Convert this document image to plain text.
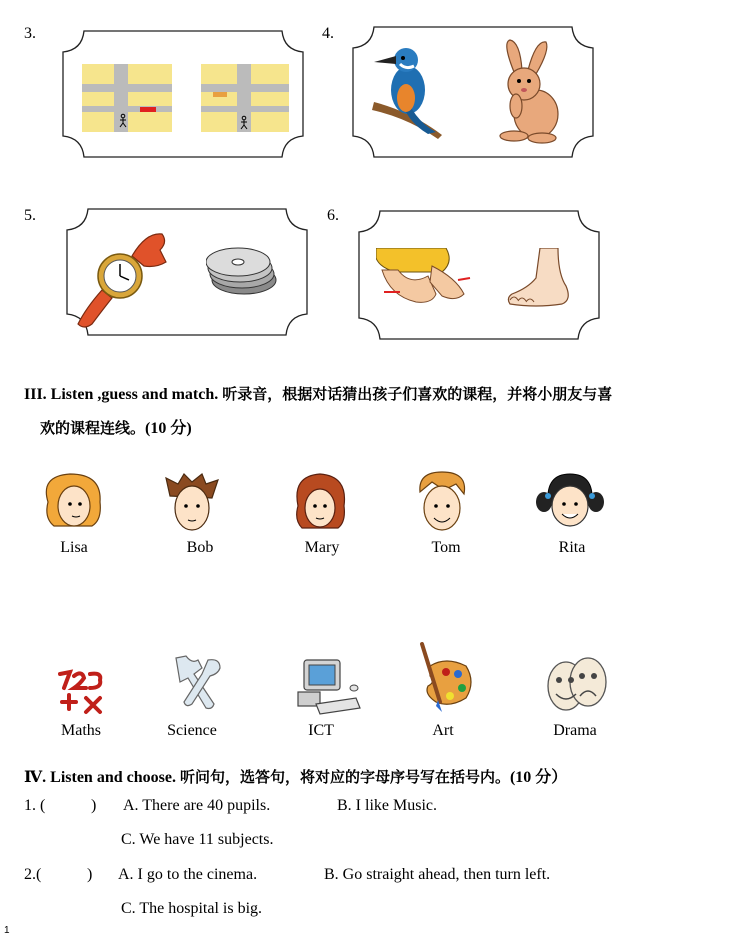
3.	4.
5.	6.
III. Listen ,guess and match. 听录音，根据对话猜出孩子们喜欢的课程，并将小朋友与喜
欢的课程连线。(10 分)
Lisa	Bob	Mary	Tom	Rita
Maths	Science	ICT	Art	Drama
Ⅳ. Listen and choose. 听问句，选答句，将对应的字母序号写在括号内。(10 分）
1. (	) A. There are 40 pupils.	B. I like Music.
C. We have 11 subjects.
2.(	) A. I go to the cinema.	B. Go straight ahead, then turn left.
C. The hospital is big.
1
